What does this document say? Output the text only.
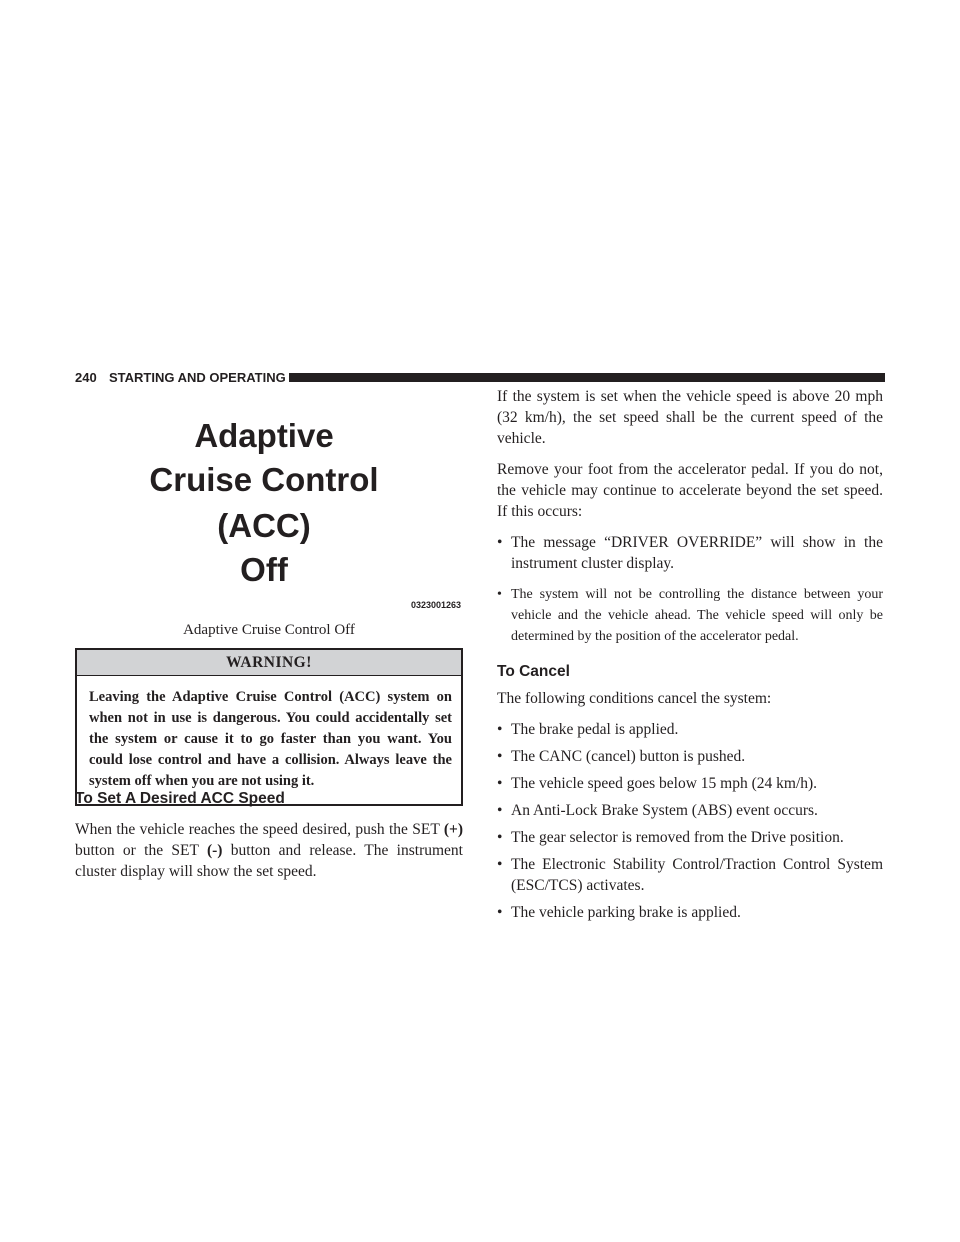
240 STARTING AND OPERATING
Adaptive
Cruise Control
(ACC)
Off
0323001263
Adaptive Cruise Control Off
WARNING!
Leaving the Adaptive Cruise Control (ACC) system on when not in use is dangerous. You could accidentally set the system or cause it to go faster than you want. You could lose control and have a collision. Always leave the system off when you are not using it.
To Set A Desired ACC Speed
When the vehicle reaches the speed desired, push the SET (+) button or the SET (-) button and release. The instrument cluster display will show the set speed.

If the system is set when the vehicle speed is above 20 mph (32 km/h), the set speed shall be the current speed of the vehicle.

Remove your foot from the accelerator pedal. If you do not, the vehicle may continue to accelerate beyond the set speed. If this occurs:

• The message “DRIVER OVERRIDE” will show in the instrument cluster display.
• The system will not be controlling the distance between your vehicle and the vehicle ahead. The vehicle speed will only be determined by the position of the accelerator pedal.
To Cancel

The following conditions cancel the system:

• The brake pedal is applied.
• The CANC (cancel) button is pushed.
• The vehicle speed goes below 15 mph (24 km/h).
• An Anti-Lock Brake System (ABS) event occurs.
• The gear selector is removed from the Drive position.
• The Electronic Stability Control/Traction Control System (ESC/TCS) activates.
• The vehicle parking brake is applied.
